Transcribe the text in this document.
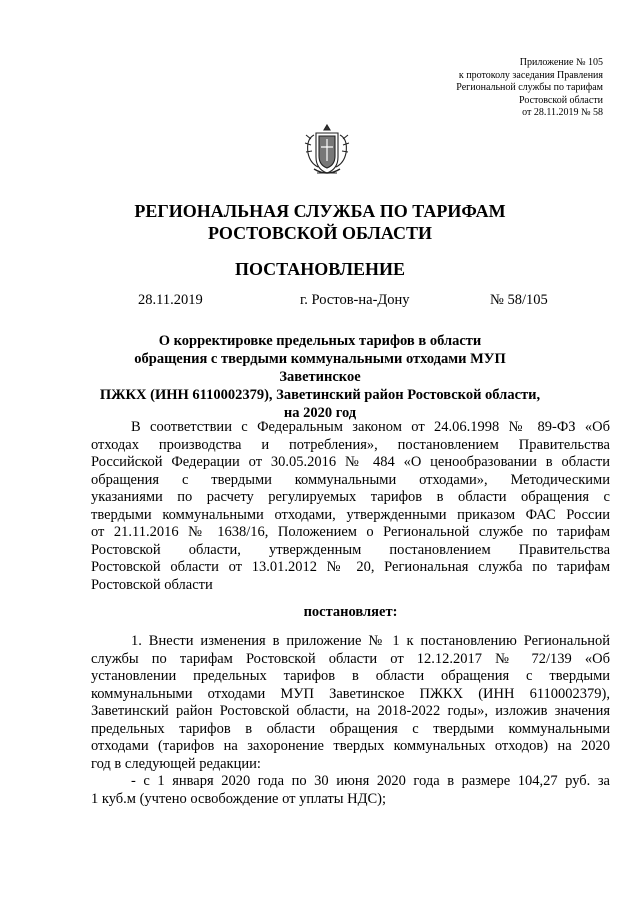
Приложение № 105
к протоколу заседания Правления
Региональной службы по тарифам
Ростовской области
от 28.11.2019 № 58
РЕГИОНАЛЬНАЯ СЛУЖБА ПО ТАРИФАМ
РОСТОВСКОЙ ОБЛАСТИ
ПОСТАНОВЛЕНИЕ
28.11.2019	г. Ростов-на-Дону	№ 58/105
О корректировке предельных тарифов в области
обращения с твердыми коммунальными отходами МУП Заветинское
ПЖКХ (ИНН 6110002379), Заветинский район Ростовской области,
на 2020 год
В соответствии с Федеральным законом от 24.06.1998 № 89-ФЗ «Об
отходах производства и потребления», постановлением Правительства
Российской Федерации от 30.05.2016 № 484 «О ценообразовании в области
обращения с твердыми коммунальными отходами», Методическими
указаниями по расчету регулируемых тарифов в области обращения с
твердыми коммунальными отходами, утвержденными приказом ФАС России
от 21.11.2016 № 1638/16, Положением о Региональной службе по тарифам
Ростовской области, утвержденным постановлением Правительства
Ростовской области от 13.01.2012 № 20, Региональная служба по тарифам
Ростовской области
постановляет:
1. Внести изменения в приложение № 1 к постановлению Региональной
службы по тарифам Ростовской области от 12.12.2017 № 72/139 «Об
установлении предельных тарифов в области обращения с твердыми
коммунальными отходами МУП Заветинское ПЖКХ (ИНН 6110002379),
Заветинский район Ростовской области, на 2018-2022 годы», изложив значения
предельных тарифов в области обращения с твердыми коммунальными
отходами (тарифов на захоронение твердых коммунальных отходов) на 2020
год в следующей редакции:
- с 1 января 2020 года по 30 июня 2020 года в размере 104,27 руб. за
1 куб.м (учтено освобождение от уплаты НДС);
